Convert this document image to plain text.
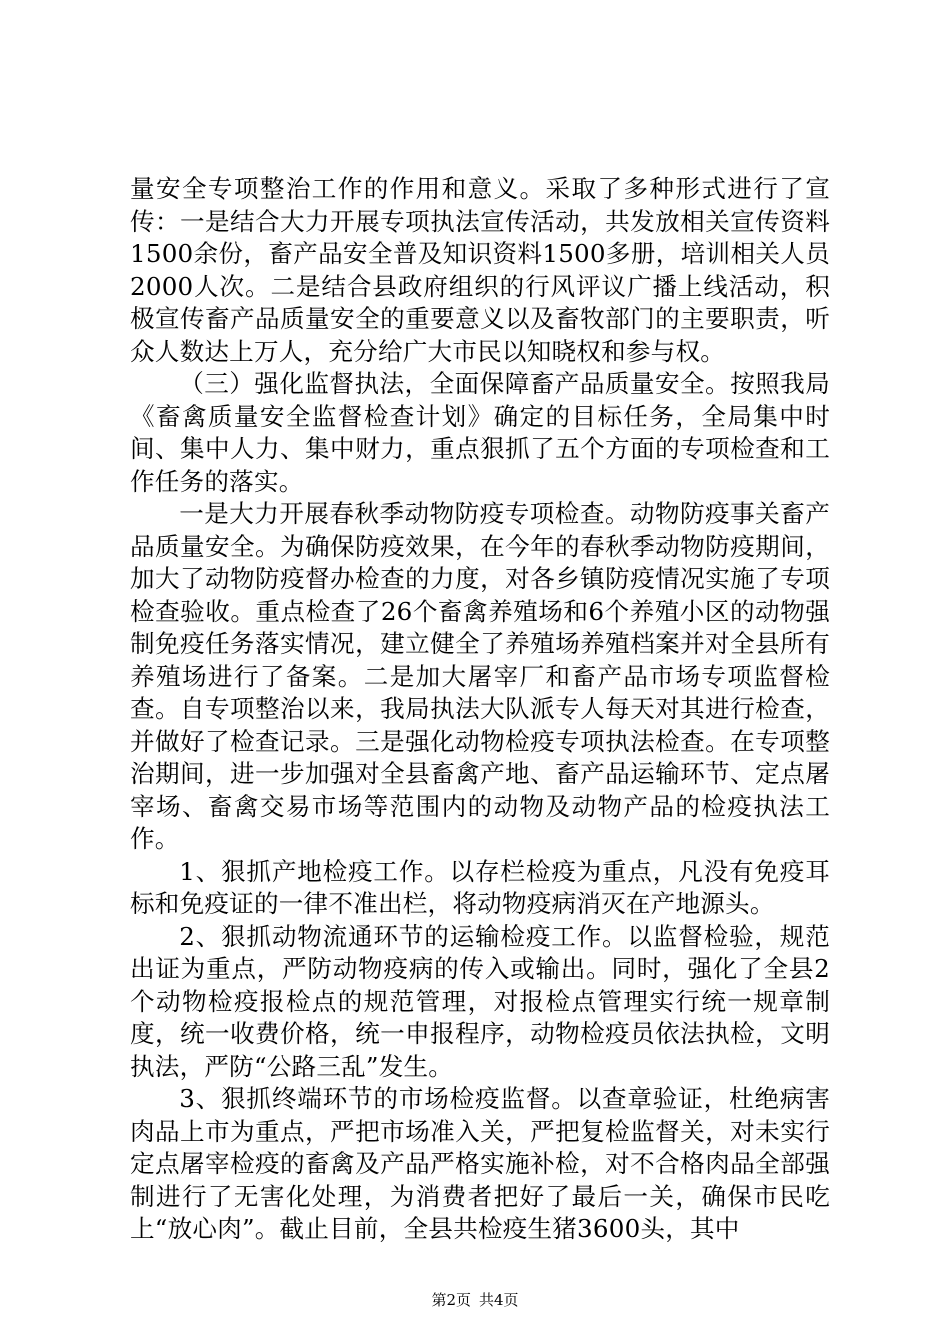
量安全专项整治工作的作用和意义。采取了多种形式进行了宣传：一是结合大力开展专项执法宣传活动，共发放相关宣传资料1500余份，畜产品安全普及知识资料1500多册，培训相关人员2000人次。二是结合县政府组织的行风评议广播上线活动，积极宣传畜产品质量安全的重要意义以及畜牧部门的主要职责，听众人数达上万人，充分给广大市民以知晓权和参与权。

（三）强化监督执法，全面保障畜产品质量安全。按照我局《畜禽质量安全监督检查计划》确定的目标任务，全局集中时间、集中人力、集中财力，重点狠抓了五个方面的专项检查和工作任务的落实。

一是大力开展春秋季动物防疫专项检查。动物防疫事关畜产品质量安全。为确保防疫效果，在今年的春秋季动物防疫期间，加大了动物防疫督办检查的力度，对各乡镇防疫情况实施了专项检查验收。重点检查了26个畜禽养殖场和6个养殖小区的动物强制免疫任务落实情况，建立健全了养殖场养殖档案并对全县所有养殖场进行了备案。二是加大屠宰厂和畜产品市场专项监督检查。自专项整治以来，我局执法大队派专人每天对其进行检查，并做好了检查记录。三是强化动物检疫专项执法检查。在专项整治期间，进一步加强对全县畜禽产地、畜产品运输环节、定点屠宰场、畜禽交易市场等范围内的动物及动物产品的检疫执法工作。

1、狠抓产地检疫工作。以存栏检疫为重点，凡没有免疫耳标和免疫证的一律不准出栏，将动物疫病消灭在产地源头。

2、狠抓动物流通环节的运输检疫工作。以监督检验，规范出证为重点，严防动物疫病的传入或输出。同时，强化了全县2个动物检疫报检点的规范管理，对报检点管理实行统一规章制度，统一收费价格，统一申报程序，动物检疫员依法执检，文明执法，严防“公路三乱”发生。

3、狠抓终端环节的市场检疫监督。以查章验证，杜绝病害肉品上市为重点，严把市场准入关，严把复检监督关，对未实行定点屠宰检疫的畜禽及产品严格实施补检，对不合格肉品全部强制进行了无害化处理，为消费者把好了最后一关，确保市民吃上“放心肉”。截止目前，全县共检疫生猪3600头，其中

第2页 共4页
